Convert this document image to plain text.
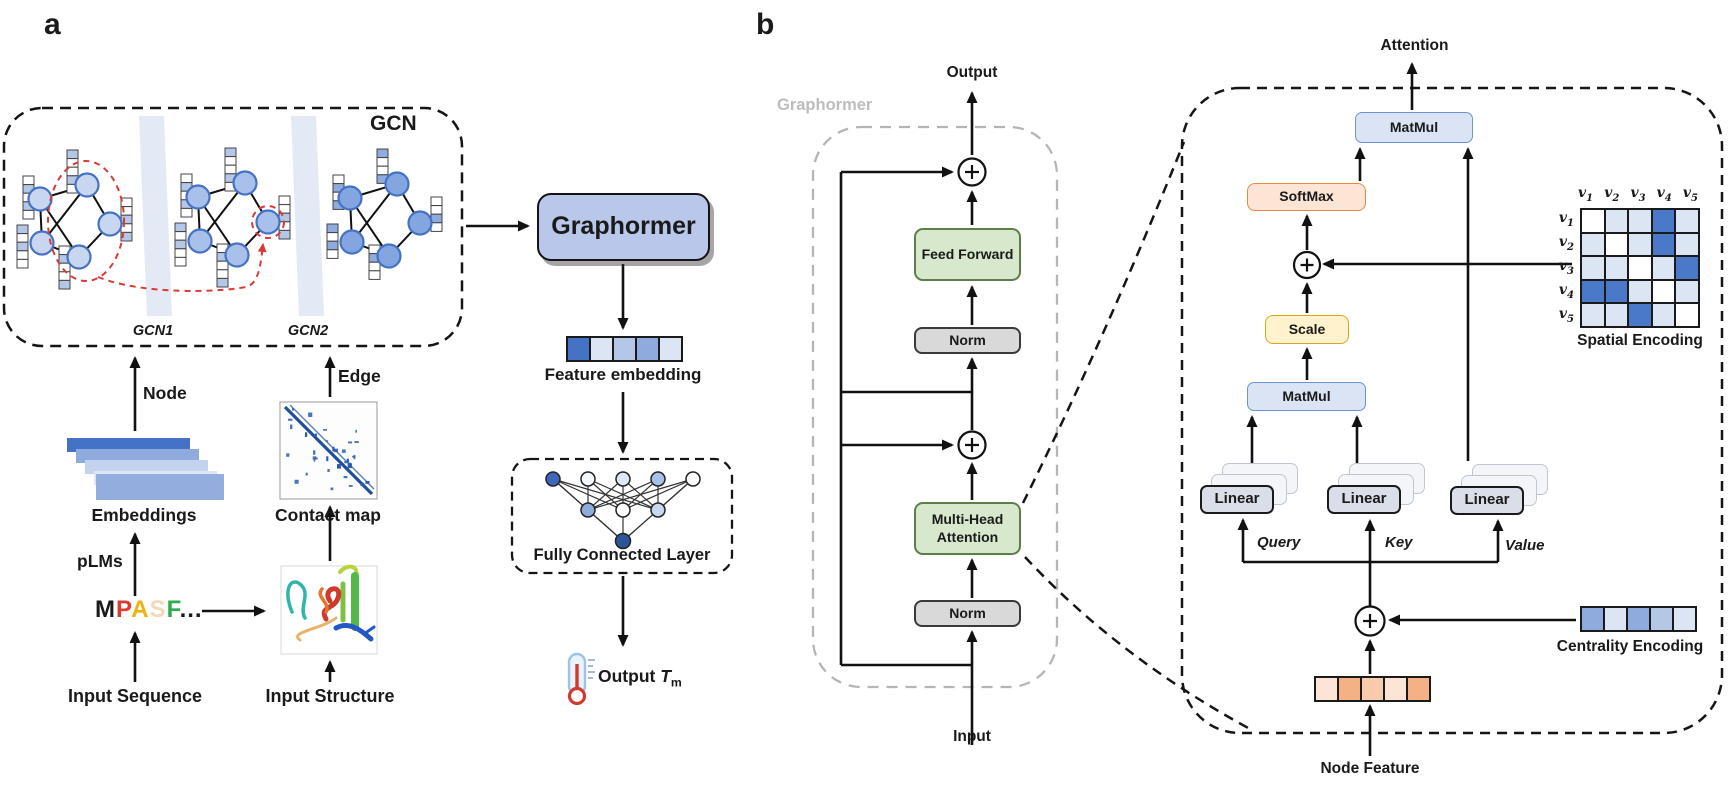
a
GCN
GCN1	GCN2
Node
Edge
Embeddings	Contact map
pLMs
MPASF...
Input Sequence	Input Structure
Graphormer
Feature embedding
Fully Connected Layer
Output $T_m$
b
Graphormer
Output
Feed Forward
Norm
Multi-Head Attention
Norm
Input
Attention
MatMul
SoftMax
Scale
MatMul
Linear	Linear	Linear
Query	Key	Value
$v_1$ $v_2$ $v_3$ $v_4$ $v_5$
$v_1$
$v_2$
$v_3$
$v_4$
$v_5$
Spatial Encoding
Centrality Encoding
Node Feature
